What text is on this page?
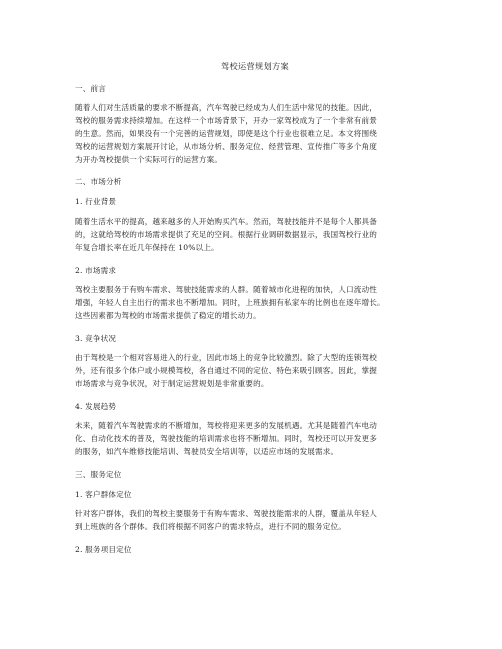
驾校运营规划方案
一、前言
随着人们对生活质量的要求不断提高，汽车驾驶已经成为人们生活中常见的技能。因此，
驾校的服务需求持续增加。在这样一个市场背景下，开办一家驾校成为了一个非常有前景
的生意。然而，如果没有一个完善的运营规划，即使是这个行业也很难立足。本文将围绕
驾校的运营规划方案展开讨论，从市场分析、服务定位、经营管理、宣传推广等多个角度
为开办驾校提供一个实际可行的运营方案。
二、市场分析
1. 行业背景
随着生活水平的提高，越来越多的人开始购买汽车。然而，驾驶技能并不是每个人都具备
的，这就给驾校的市场需求提供了充足的空间。根据行业调研数据显示，我国驾校行业的
年复合增长率在近几年保持在 10%以上。
2. 市场需求
驾校主要服务于有购车需求、驾驶技能需求的人群。随着城市化进程的加快，人口流动性
增强，年轻人自主出行的需求也不断增加。同时，上班族拥有私家车的比例也在逐年增长。
这些因素都为驾校的市场需求提供了稳定的增长动力。
3. 竞争状况
由于驾校是一个相对容易进入的行业，因此市场上的竞争比较激烈。除了大型的连锁驾校
外，还有很多个体户或小规模驾校，各自通过不同的定位、特色来吸引顾客。因此，掌握
市场需求与竞争状况，对于制定运营规划是非常重要的。
4. 发展趋势
未来，随着汽车驾驶需求的不断增加，驾校将迎来更多的发展机遇。尤其是随着汽车电动
化、自动化技术的普及，驾驶技能的培训需求也将不断增加。同时，驾校还可以开发更多
的服务，如汽车维修技能培训、驾驶员安全培训等，以适应市场的发展需求。
三、服务定位
1. 客户群体定位
针对客户群体，我们的驾校主要服务于有购车需求、驾驶技能需求的人群，覆盖从年轻人
到上班族的各个群体。我们将根据不同客户的需求特点，进行不同的服务定位。
2. 服务项目定位
